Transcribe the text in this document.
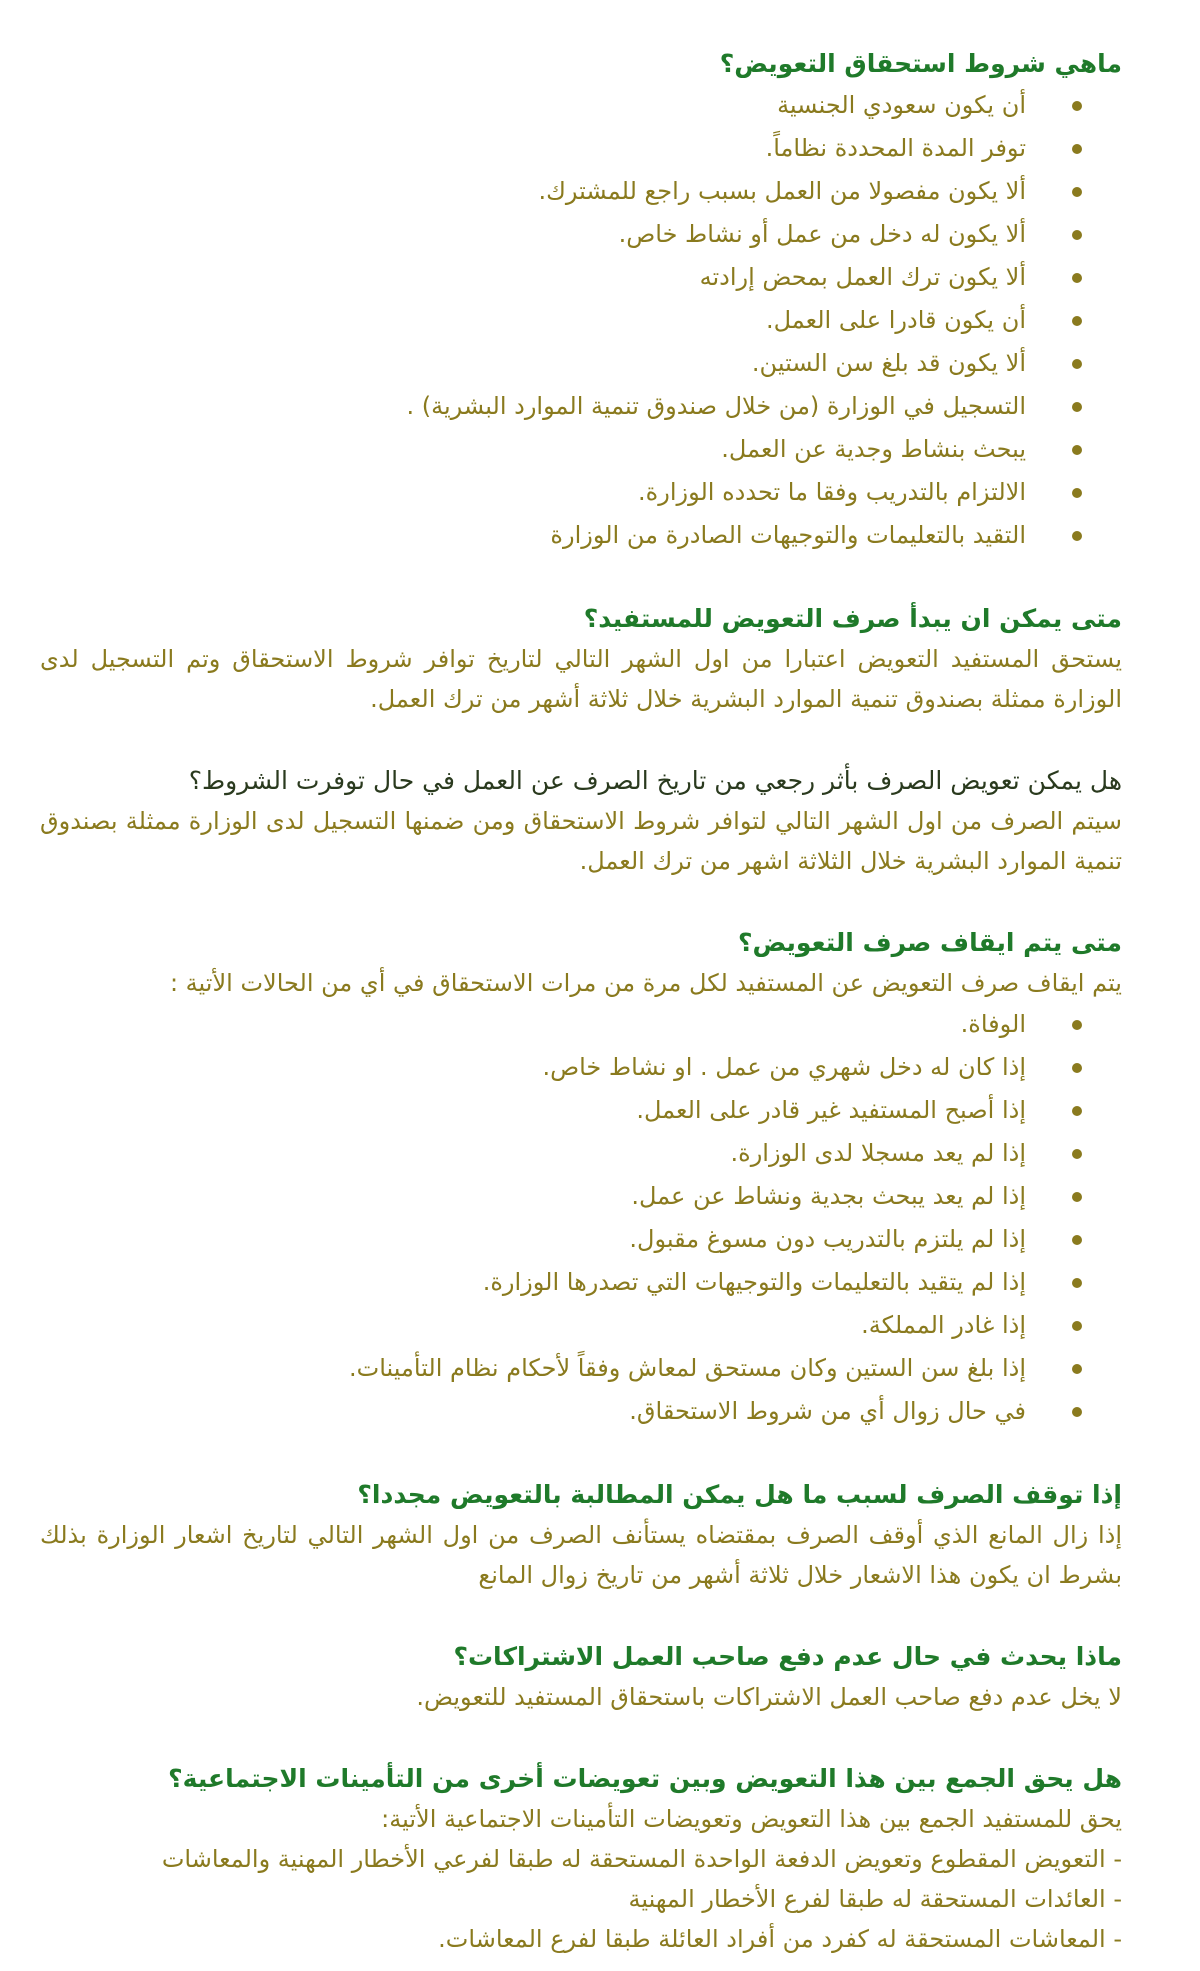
ماهي شروط استحقاق التعويض؟

أن يكون سعودي الجنسية
توفر المدة المحددة نظاماً.
ألا يكون مفصولا من العمل بسبب راجع للمشترك.
ألا يكون له دخل من عمل أو نشاط خاص.
ألا يكون ترك العمل بمحض إرادته
أن يكون قادرا على العمل.
ألا يكون قد بلغ سن الستين.
التسجيل في الوزارة (من خلال صندوق تنمية الموارد البشرية) .
يبحث بنشاط وجدية عن العمل.
الالتزام بالتدريب وفقا ما تحدده الوزارة.
التقيد بالتعليمات والتوجيهات الصادرة من الوزارة

متى يمكن ان يبدأ صرف التعويض للمستفيد؟

يستحق المستفيد التعويض اعتبارا من اول الشهر التالي لتاريخ توافر شروط الاستحقاق وتم التسجيل لدى الوزارة ممثلة بصندوق تنمية الموارد البشرية خلال ثلاثة أشهر من ترك العمل.

هل يمكن تعويض الصرف بأثر رجعي من تاريخ الصرف عن العمل في حال توفرت الشروط؟

سيتم الصرف من اول الشهر التالي لتوافر شروط الاستحقاق ومن ضمنها التسجيل لدى الوزارة ممثلة بصندوق تنمية الموارد البشرية خلال الثلاثة اشهر من ترك العمل.

متى يتم ايقاف صرف التعويض؟

يتم ايقاف صرف التعويض عن المستفيد لكل مرة من مرات الاستحقاق في أي من الحالات الأتية :

الوفاة.
إذا كان له دخل شهري من عمل . او نشاط خاص.
إذا أصبح المستفيد غير قادر على العمل.
إذا لم يعد مسجلا لدى الوزارة.
إذا لم يعد يبحث بجدية ونشاط عن عمل.
إذا لم يلتزم بالتدريب دون مسوغ مقبول.
إذا لم يتقيد بالتعليمات والتوجيهات التي تصدرها الوزارة.
إذا غادر المملكة.
إذا بلغ سن الستين وكان مستحق لمعاش وفقاً لأحكام نظام التأمينات.
في حال زوال أي من شروط الاستحقاق.

إذا توقف الصرف لسبب ما هل يمكن المطالبة بالتعويض مجددا؟

إذا زال المانع الذي أوقف الصرف بمقتضاه يستأنف الصرف من اول الشهر التالي لتاريخ اشعار الوزارة بذلك بشرط ان يكون هذا الاشعار خلال ثلاثة أشهر من تاريخ زوال المانع

ماذا يحدث في حال عدم دفع صاحب العمل الاشتراكات؟

لا يخل عدم دفع صاحب العمل الاشتراكات باستحقاق المستفيد للتعويض.

هل يحق الجمع بين هذا التعويض وبين تعويضات أخرى من التأمينات الاجتماعية؟

يحق للمستفيد الجمع بين هذا التعويض وتعويضات التأمينات الاجتماعية الأتية:

- التعويض المقطوع وتعويض الدفعة الواحدة المستحقة له طبقا لفرعي الأخطار المهنية والمعاشات

- العائدات المستحقة له طبقا لفرع الأخطار المهنية

- المعاشات المستحقة له كفرد من أفراد العائلة طبقا لفرع المعاشات.
